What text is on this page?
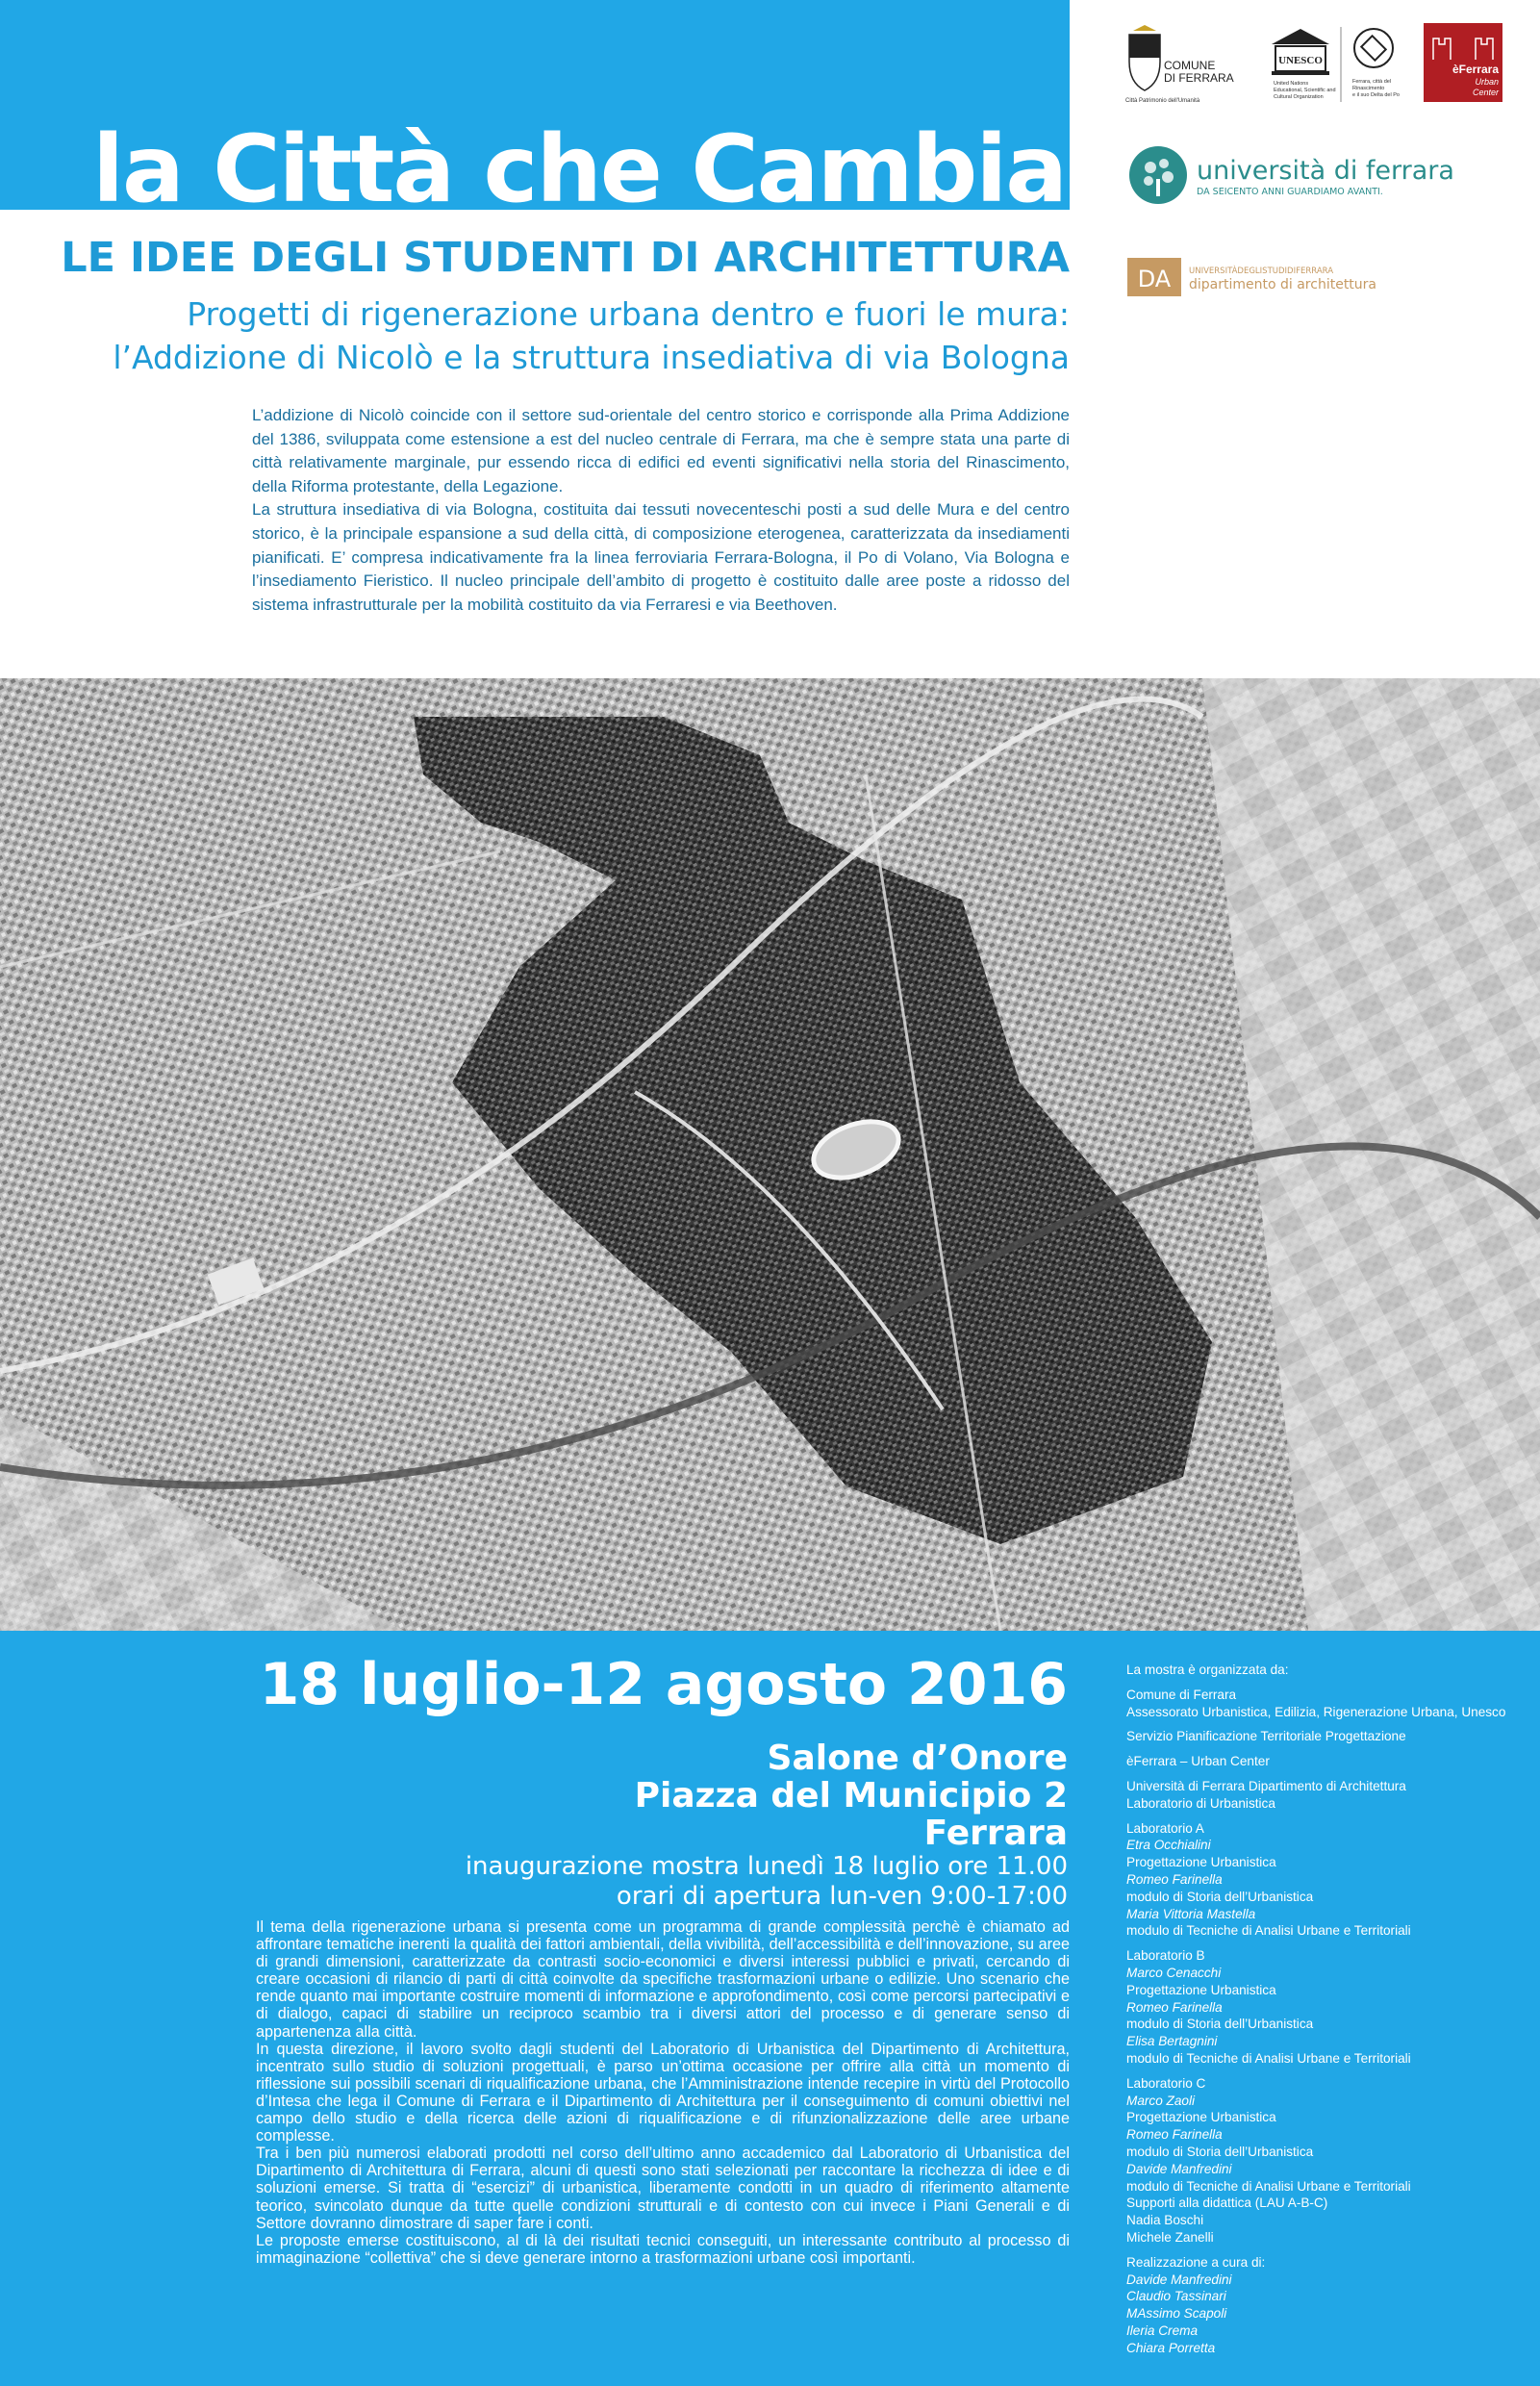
la Città che Cambia
LE IDEE DEGLI STUDENTI DI ARCHITETTURA
Progetti di rigenerazione urbana dentro e fuori le mura:
l’Addizione di Nicolò e la struttura insediativa di via Bologna

L’addizione di Nicolò coincide con il settore sud-orientale del centro storico e corrisponde alla Prima Addizione del 1386, sviluppata come estensione a est del nucleo centrale di Ferrara, ma che è sempre stata una parte di città relativamente marginale, pur essendo ricca di edifici ed eventi significativi nella storia del Rinascimento, della Riforma protestante, della Legazione.

La struttura insediativa di via Bologna, costituita dai tessuti novecenteschi posti a sud delle Mura e del centro storico, è la principale espansione a sud della città, di composizione eterogenea, caratterizzata da insediamenti pianificati. E’ compresa indicativamente fra la linea ferroviaria Ferrara-Bologna, il Po di Volano, Via Bologna e l’insediamento Fieristico. Il nucleo principale dell’ambito di progetto è costituito dalle aree poste a ridosso del sistema infrastrutturale per la mobilità costituito da via Ferraresi e via Beethoven.

COMUNE
DI FERRARA
Città Patrimonio dell'Umanità
UNESCO
United Nations
Educational, Scientific and
Cultural Organization
Ferrara, città del
Rinascimento
e il suo Delta del Po
èFerrara
Urban
Center
università di ferrara
DA SEICENTO ANNI GUARDIAMO AVANTI.
DA UNIVERSITÀDEGLISTUDIDIFERRARA
dipartimento di architettura
18 luglio-12 agosto 2016
Salone d’Onore
Piazza del Municipio 2
Ferrara
inaugurazione mostra lunedì 18 luglio ore 11.00
orari di apertura lun-ven 9:00-17:00

Il tema della rigenerazione urbana si presenta come un programma di grande complessità perchè è chiamato ad affrontare tematiche inerenti la qualità dei fattori ambientali, della vivibilità, dell’accessibilità e dell’innovazione, su aree di grandi dimensioni, caratterizzate da contrasti socio-economici e diversi interessi pubblici e privati, cercando di creare occasioni di rilancio di parti di città coinvolte da specifiche trasformazioni urbane o edilizie. Uno scenario che rende quanto mai importante costruire momenti di informazione e approfondimento, così come percorsi partecipativi e di dialogo, capaci di stabilire un reciproco scambio tra i diversi attori del processo e di generare senso di appartenenza alla città.

In questa direzione, il lavoro svolto dagli studenti del Laboratorio di Urbanistica del Dipartimento di Architettura, incentrato sullo studio di soluzioni progettuali, è parso un’ottima occasione per offrire alla città un momento di riflessione sui possibili scenari di riqualificazione urbana, che l’Amministrazione intende recepire in virtù del Protocollo d’Intesa che lega il Comune di Ferrara e il Dipartimento di Architettura per il conseguimento di comuni obiettivi nel campo dello studio e della ricerca delle azioni di riqualificazione e di rifunzionalizzazione delle aree urbane complesse.

Tra i ben più numerosi elaborati prodotti nel corso dell’ultimo anno accademico dal Laboratorio di Urbanistica del Dipartimento di Architettura di Ferrara, alcuni di questi sono stati selezionati per raccontare la ricchezza di idee e di soluzioni emerse. Si tratta di “esercizi” di urbanistica, liberamente condotti in un quadro di riferimento altamente teorico, svincolato dunque da tutte quelle condizioni strutturali e di contesto con cui invece i Piani Generali e di Settore dovranno dimostrare di saper fare i conti.

Le proposte emerse costituiscono, al di là dei risultati tecnici conseguiti, un interessante contributo al processo di immaginazione “collettiva” che si deve generare intorno a trasformazioni urbane così importanti.

La mostra è organizzata da:
Comune di Ferrara
Assessorato Urbanistica, Edilizia, Rigenerazione Urbana, Unesco
Servizio Pianificazione Territoriale Progettazione
èFerrara – Urban Center
Università di Ferrara Dipartimento di Architettura
Laboratorio di Urbanistica
Laboratorio A
Etra Occhialini
Progettazione Urbanistica
Romeo Farinella
modulo di Storia dell’Urbanistica
Maria Vittoria Mastella
modulo di Tecniche di Analisi Urbane e Territoriali
Laboratorio B
Marco Cenacchi
Progettazione Urbanistica
Romeo Farinella
modulo di Storia dell’Urbanistica
Elisa Bertagnini
modulo di Tecniche di Analisi Urbane e Territoriali
Laboratorio C
Marco Zaoli
Progettazione Urbanistica
Romeo Farinella
modulo di Storia dell’Urbanistica
Davide Manfredini
modulo di Tecniche di Analisi Urbane e Territoriali
Supporti alla didattica (LAU A-B-C)
Nadia Boschi
Michele Zanelli
Realizzazione a cura di:
Davide Manfredini
Claudio Tassinari
MAssimo Scapoli
Ileria Crema
Chiara Porretta
